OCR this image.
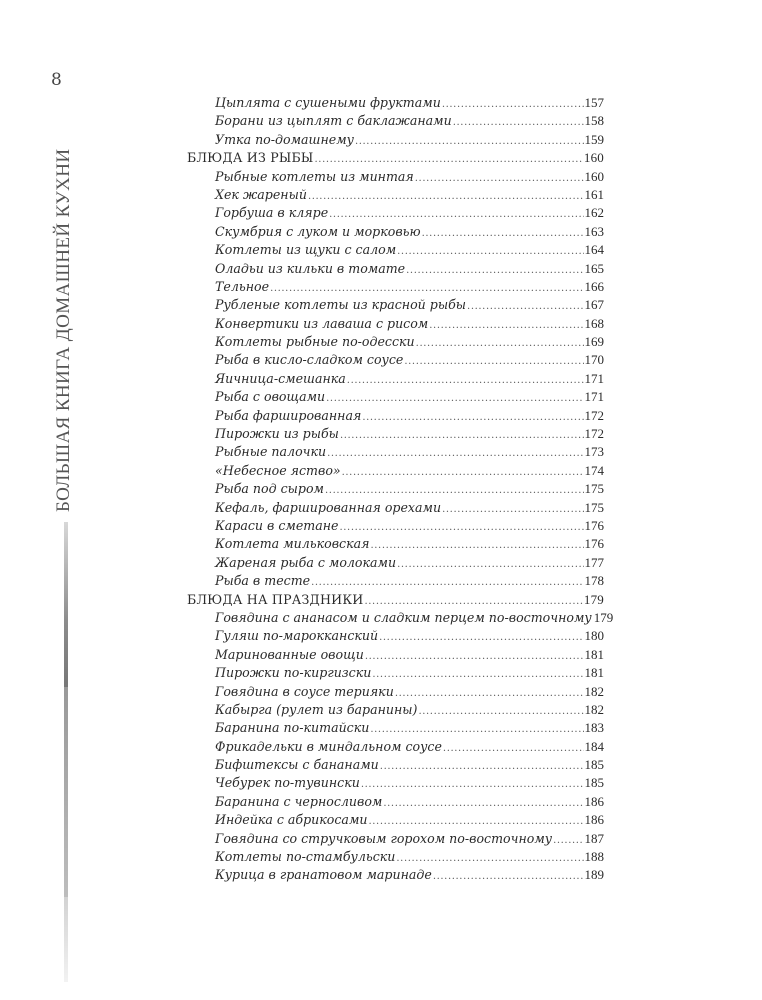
8
БОЛЬШАЯ КНИГА ДОМАШНЕЙ КУХНИ
Цыплята с сушеными фруктами .....	157
Борани из цыплят с баклажанами .....	158
Утка по-домашнему .....	159
БЛЮДА ИЗ РЫБЫ .....	160
Рыбные котлеты из минтая .....	160
Хек жареный .....	161
Горбуша в кляре .....	162
Скумбрия с луком и морковью .....	163
Котлеты из щуки с салом .....	164
Оладьи из кильки в томате .....	165
Тельное .....	166
Рубленые котлеты из красной рыбы .....	167
Конвертики из лаваша с рисом .....	168
Котлеты рыбные по-одесски .....	169
Рыба в кисло-сладком соусе .....	170
Яичница-смешанка .....	171
Рыба с овощами .....	171
Рыба фаршированная .....	172
Пирожки из рыбы .....	172
Рыбные палочки .....	173
«Небесное яство» .....	174
Рыба под сыром .....	175
Кефаль, фаршированная орехами .....	175
Караси в сметане .....	176
Котлета мильковская .....	176
Жареная рыба с молоками .....	177
Рыба в тесте .....	178
БЛЮДА НА ПРАЗДНИКИ .....	179
Говядина с ананасом и сладким перцем по-восточному 179
Гуляш по-марокканский .....	180
Маринованные овощи .....	181
Пирожки по-киргизски .....	181
Говядина в соусе терияки .....	182
Кабырга (рулет из баранины) .....	182
Баранина по-китайски .....	183
Фрикадельки в миндальном соусе .....	184
Бифштексы с бананами .....	185
Чебурек по-тувински .....	185
Баранина с черносливом .....	186
Индейка с абрикосами .....	186
Говядина со стручковым горохом по-восточному ..... 187
Котлеты по-стамбульски .....	188
Курица в гранатовом маринаде .....	189
